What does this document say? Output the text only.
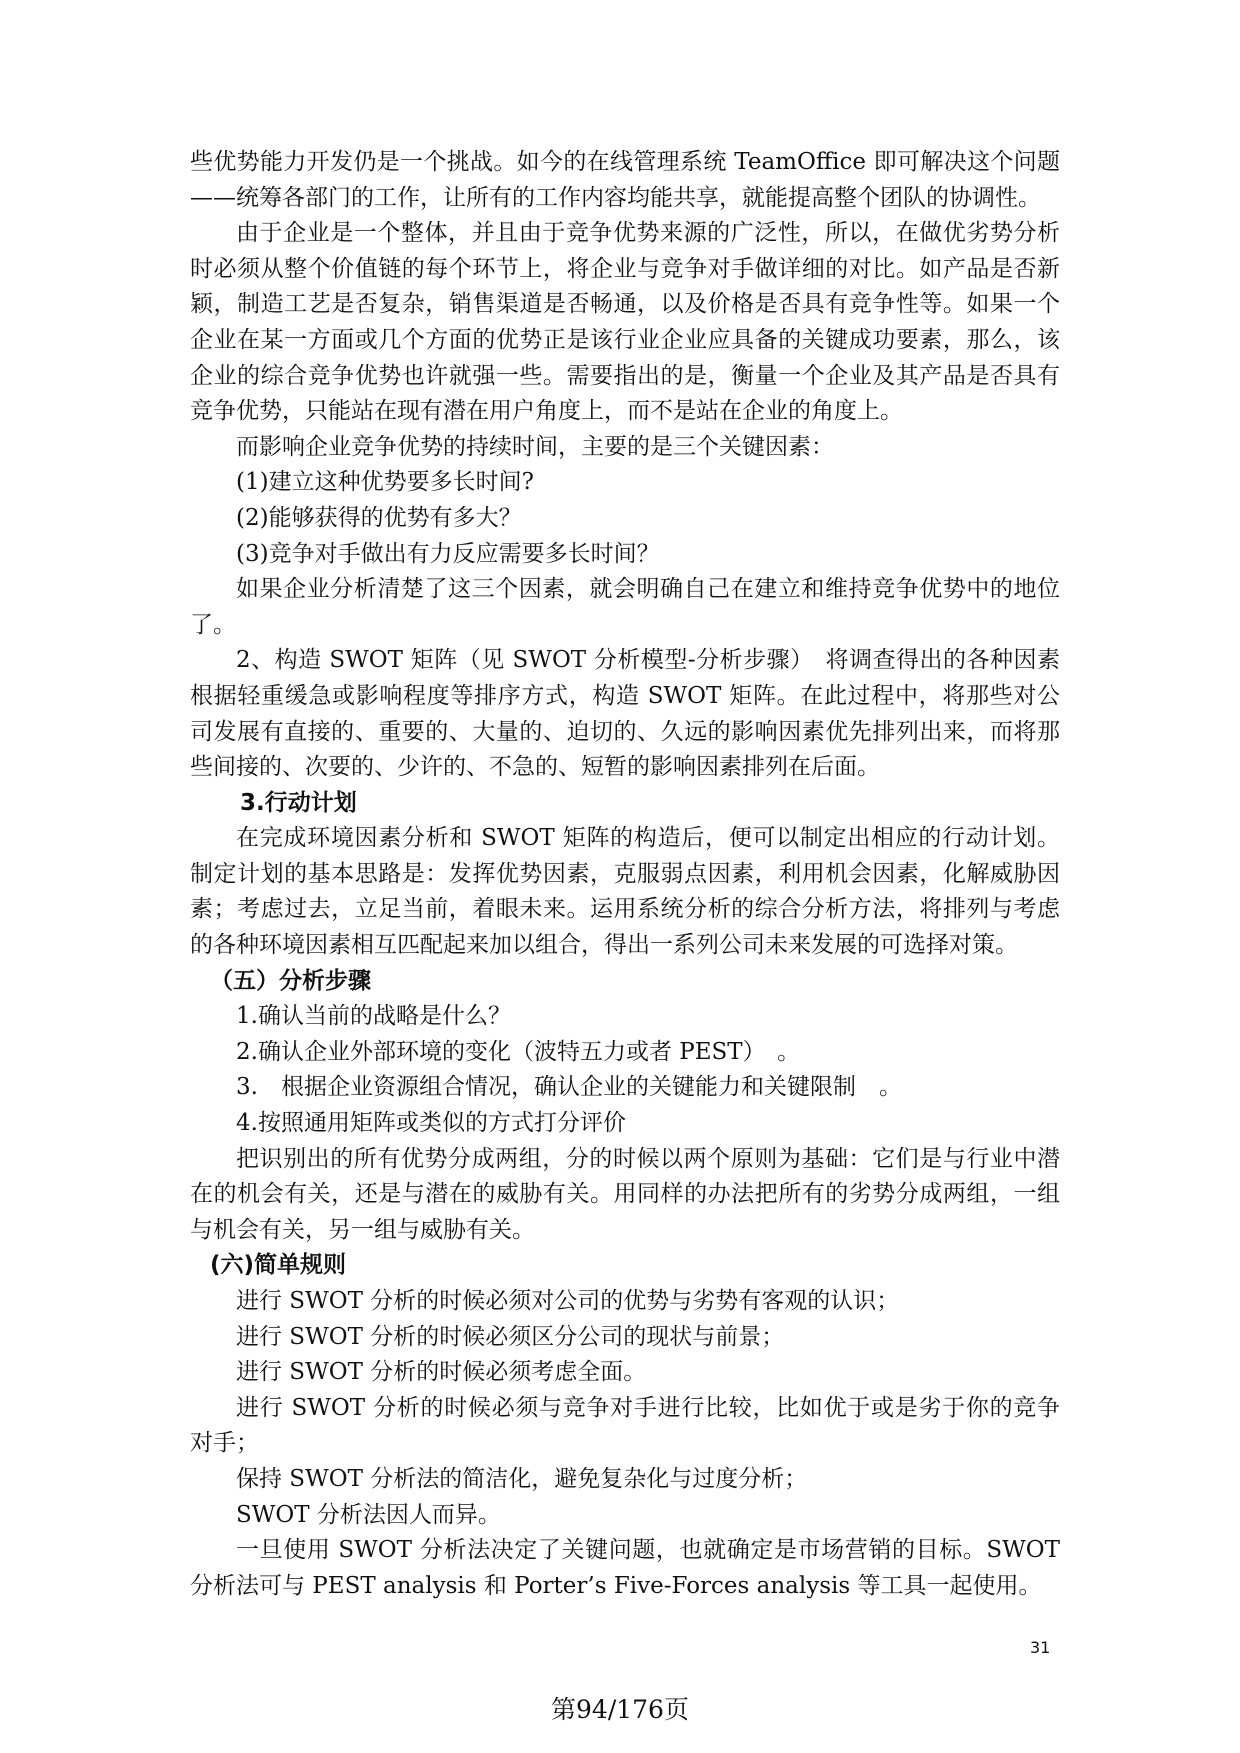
些优势能力开发仍是一个挑战。如今的在线管理系统 TeamOffice 即可解决这个问题——统筹各部门的工作，让所有的工作内容均能共享，就能提高整个团队的协调性。

由于企业是一个整体，并且由于竞争优势来源的广泛性，所以，在做优劣势分析时必须从整个价值链的每个环节上，将企业与竞争对手做详细的对比。如产品是否新颖，制造工艺是否复杂，销售渠道是否畅通，以及价格是否具有竞争性等。如果一个企业在某一方面或几个方面的优势正是该行业企业应具备的关键成功要素，那么，该企业的综合竞争优势也许就强一些。需要指出的是，衡量一个企业及其产品是否具有竞争优势，只能站在现有潜在用户角度上，而不是站在企业的角度上。

而影响企业竞争优势的持续时间，主要的是三个关键因素：

(1)建立这种优势要多长时间?

(2)能够获得的优势有多大？

(3)竞争对手做出有力反应需要多长时间？

如果企业分析清楚了这三个因素，就会明确自己在建立和维持竞争优势中的地位了。

2、构造 SWOT 矩阵（见 SWOT 分析模型-分析步骤）　将调查得出的各种因素根据轻重缓急或影响程度等排序方式，构造 SWOT 矩阵。在此过程中，将那些对公司发展有直接的、重要的、大量的、迫切的、久远的影响因素优先排列出来，而将那些间接的、次要的、少许的、不急的、短暂的影响因素排列在后面。

3.行动计划

在完成环境因素分析和 SWOT 矩阵的构造后，便可以制定出相应的行动计划。制定计划的基本思路是：发挥优势因素，克服弱点因素，利用机会因素，化解威胁因素；考虑过去，立足当前，着眼未来。运用系统分析的综合分析方法，将排列与考虑的各种环境因素相互匹配起来加以组合，得出一系列公司未来发展的可选择对策。

（五）分析步骤

1.确认当前的战略是什么？

2.确认企业外部环境的变化（波特五力或者 PEST）　。

3.　根据企业资源组合情况，确认企业的关键能力和关键限制　。

4.按照通用矩阵或类似的方式打分评价

把识别出的所有优势分成两组，分的时候以两个原则为基础：它们是与行业中潜在的机会有关，还是与潜在的威胁有关。用同样的办法把所有的劣势分成两组，一组与机会有关，另一组与威胁有关。

(六)简单规则

进行 SWOT 分析的时候必须对公司的优势与劣势有客观的认识；

进行 SWOT 分析的时候必须区分公司的现状与前景；

进行 SWOT 分析的时候必须考虑全面。

进行 SWOT 分析的时候必须与竞争对手进行比较，比如优于或是劣于你的竞争对手；

保持 SWOT 分析法的简洁化，避免复杂化与过度分析；

SWOT 分析法因人而异。

一旦使用 SWOT 分析法决定了关键问题，也就确定是市场营销的目标。SWOT 分析法可与 PEST analysis 和 Porter’s Five-Forces analysis 等工具一起使用。

31
第94/176页
